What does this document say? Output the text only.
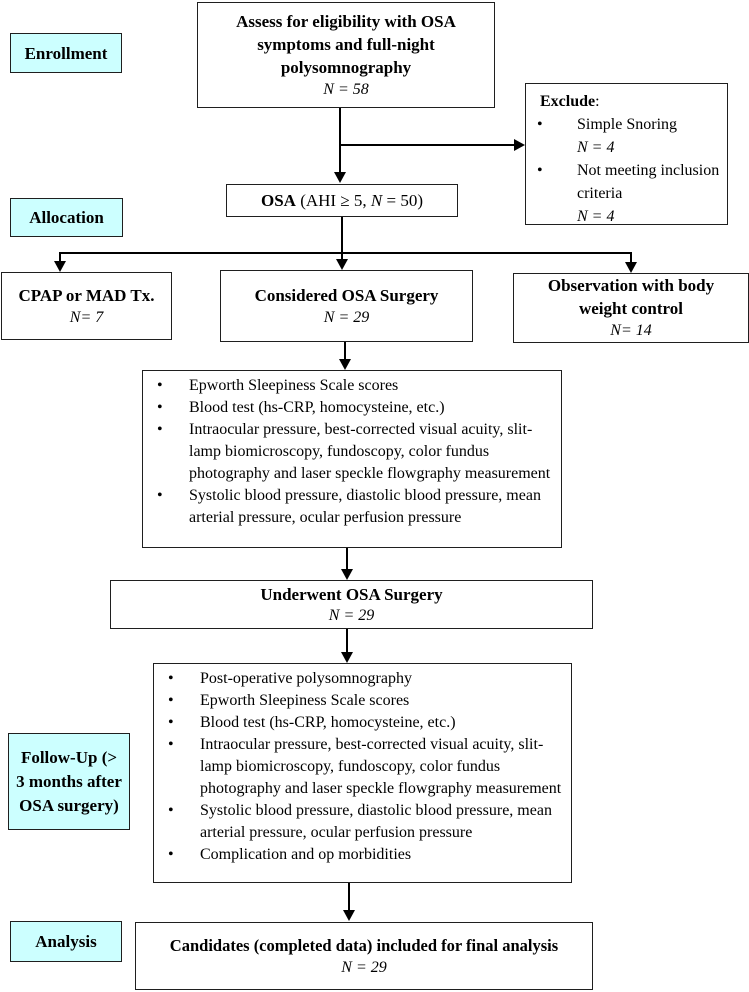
Enrollment
Allocation
Follow-Up (> 3 months after OSA surgery)
Analysis
Assess for eligibility with OSA symptoms and full-night polysomnography
N = 58
Exclude:
• Simple Snoring
N = 4
• Not meeting inclusion criteria
N = 4
OSA (AHI ≥ 5, N = 50)
CPAP or MAD Tx.
N= 7
Considered OSA Surgery
N = 29
Observation with body weight control
N= 14
• Epworth Sleepiness Scale scores
• Blood test (hs-CRP, homocysteine, etc.)
• Intraocular pressure, best-corrected visual acuity, slit-lamp biomicroscopy, fundoscopy, color fundus photography and laser speckle flowgraphy measurement
• Systolic blood pressure, diastolic blood pressure, mean arterial pressure, ocular perfusion pressure
Underwent OSA Surgery
N = 29
• Post-operative polysomnography
• Epworth Sleepiness Scale scores
• Blood test (hs-CRP, homocysteine, etc.)
• Intraocular pressure, best-corrected visual acuity, slit-lamp biomicroscopy, fundoscopy, color fundus photography and laser speckle flowgraphy measurement
• Systolic blood pressure, diastolic blood pressure, mean arterial pressure, ocular perfusion pressure
• Complication and op morbidities
Candidates (completed data) included for final analysis
N = 29
